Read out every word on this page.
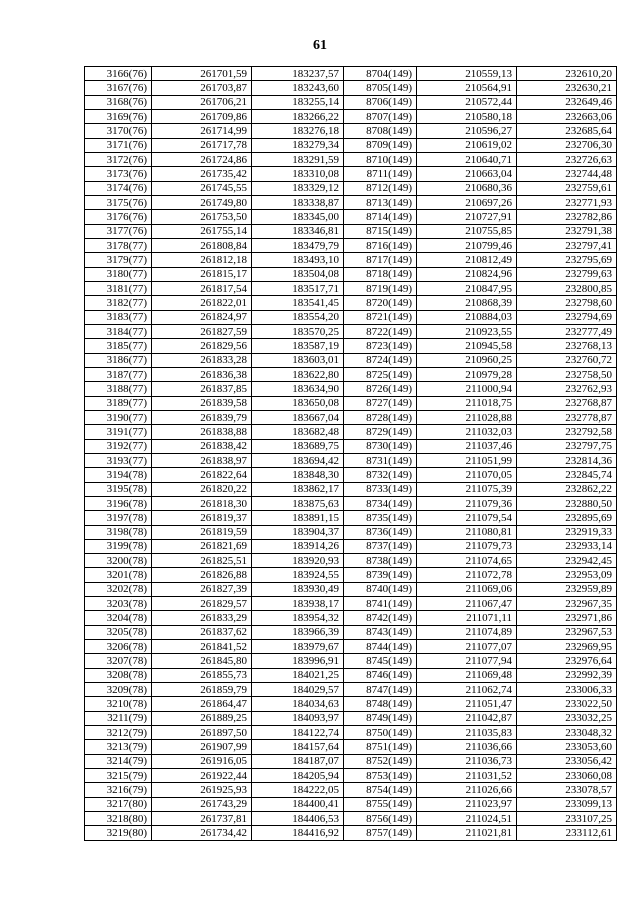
61
3166(76)	261701,59	183237,57	8704(149)	210559,13	232610,20
3167(76)	261703,87	183243,60	8705(149)	210564,91	232630,21
3168(76)	261706,21	183255,14	8706(149)	210572,44	232649,46
3169(76)	261709,86	183266,22	8707(149)	210580,18	232663,06
3170(76)	261714,99	183276,18	8708(149)	210596,27	232685,64
3171(76)	261717,78	183279,34	8709(149)	210619,02	232706,30
3172(76)	261724,86	183291,59	8710(149)	210640,71	232726,63
3173(76)	261735,42	183310,08	8711(149)	210663,04	232744,48
3174(76)	261745,55	183329,12	8712(149)	210680,36	232759,61
3175(76)	261749,80	183338,87	8713(149)	210697,26	232771,93
3176(76)	261753,50	183345,00	8714(149)	210727,91	232782,86
3177(76)	261755,14	183346,81	8715(149)	210755,85	232791,38
3178(77)	261808,84	183479,79	8716(149)	210799,46	232797,41
3179(77)	261812,18	183493,10	8717(149)	210812,49	232795,69
3180(77)	261815,17	183504,08	8718(149)	210824,96	232799,63
3181(77)	261817,54	183517,71	8719(149)	210847,95	232800,85
3182(77)	261822,01	183541,45	8720(149)	210868,39	232798,60
3183(77)	261824,97	183554,20	8721(149)	210884,03	232794,69
3184(77)	261827,59	183570,25	8722(149)	210923,55	232777,49
3185(77)	261829,56	183587,19	8723(149)	210945,58	232768,13
3186(77)	261833,28	183603,01	8724(149)	210960,25	232760,72
3187(77)	261836,38	183622,80	8725(149)	210979,28	232758,50
3188(77)	261837,85	183634,90	8726(149)	211000,94	232762,93
3189(77)	261839,58	183650,08	8727(149)	211018,75	232768,87
3190(77)	261839,79	183667,04	8728(149)	211028,88	232778,87
3191(77)	261838,88	183682,48	8729(149)	211032,03	232792,58
3192(77)	261838,42	183689,75	8730(149)	211037,46	232797,75
3193(77)	261838,97	183694,42	8731(149)	211051,99	232814,36
3194(78)	261822,64	183848,30	8732(149)	211070,05	232845,74
3195(78)	261820,22	183862,17	8733(149)	211075,39	232862,22
3196(78)	261818,30	183875,63	8734(149)	211079,36	232880,50
3197(78)	261819,37	183891,15	8735(149)	211079,54	232895,69
3198(78)	261819,59	183904,37	8736(149)	211080,81	232919,33
3199(78)	261821,69	183914,26	8737(149)	211079,73	232933,14
3200(78)	261825,51	183920,93	8738(149)	211074,65	232942,45
3201(78)	261826,88	183924,55	8739(149)	211072,78	232953,09
3202(78)	261827,39	183930,49	8740(149)	211069,06	232959,89
3203(78)	261829,57	183938,17	8741(149)	211067,47	232967,35
3204(78)	261833,29	183954,32	8742(149)	211071,11	232971,86
3205(78)	261837,62	183966,39	8743(149)	211074,89	232967,53
3206(78)	261841,52	183979,67	8744(149)	211077,07	232969,95
3207(78)	261845,80	183996,91	8745(149)	211077,94	232976,64
3208(78)	261855,73	184021,25	8746(149)	211069,48	232992,39
3209(78)	261859,79	184029,57	8747(149)	211062,74	233006,33
3210(78)	261864,47	184034,63	8748(149)	211051,47	233022,50
3211(79)	261889,25	184093,97	8749(149)	211042,87	233032,25
3212(79)	261897,50	184122,74	8750(149)	211035,83	233048,32
3213(79)	261907,99	184157,64	8751(149)	211036,66	233053,60
3214(79)	261916,05	184187,07	8752(149)	211036,73	233056,42
3215(79)	261922,44	184205,94	8753(149)	211031,52	233060,08
3216(79)	261925,93	184222,05	8754(149)	211026,66	233078,57
3217(80)	261743,29	184400,41	8755(149)	211023,97	233099,13
3218(80)	261737,81	184406,53	8756(149)	211024,51	233107,25
3219(80)	261734,42	184416,92	8757(149)	211021,81	233112,61
